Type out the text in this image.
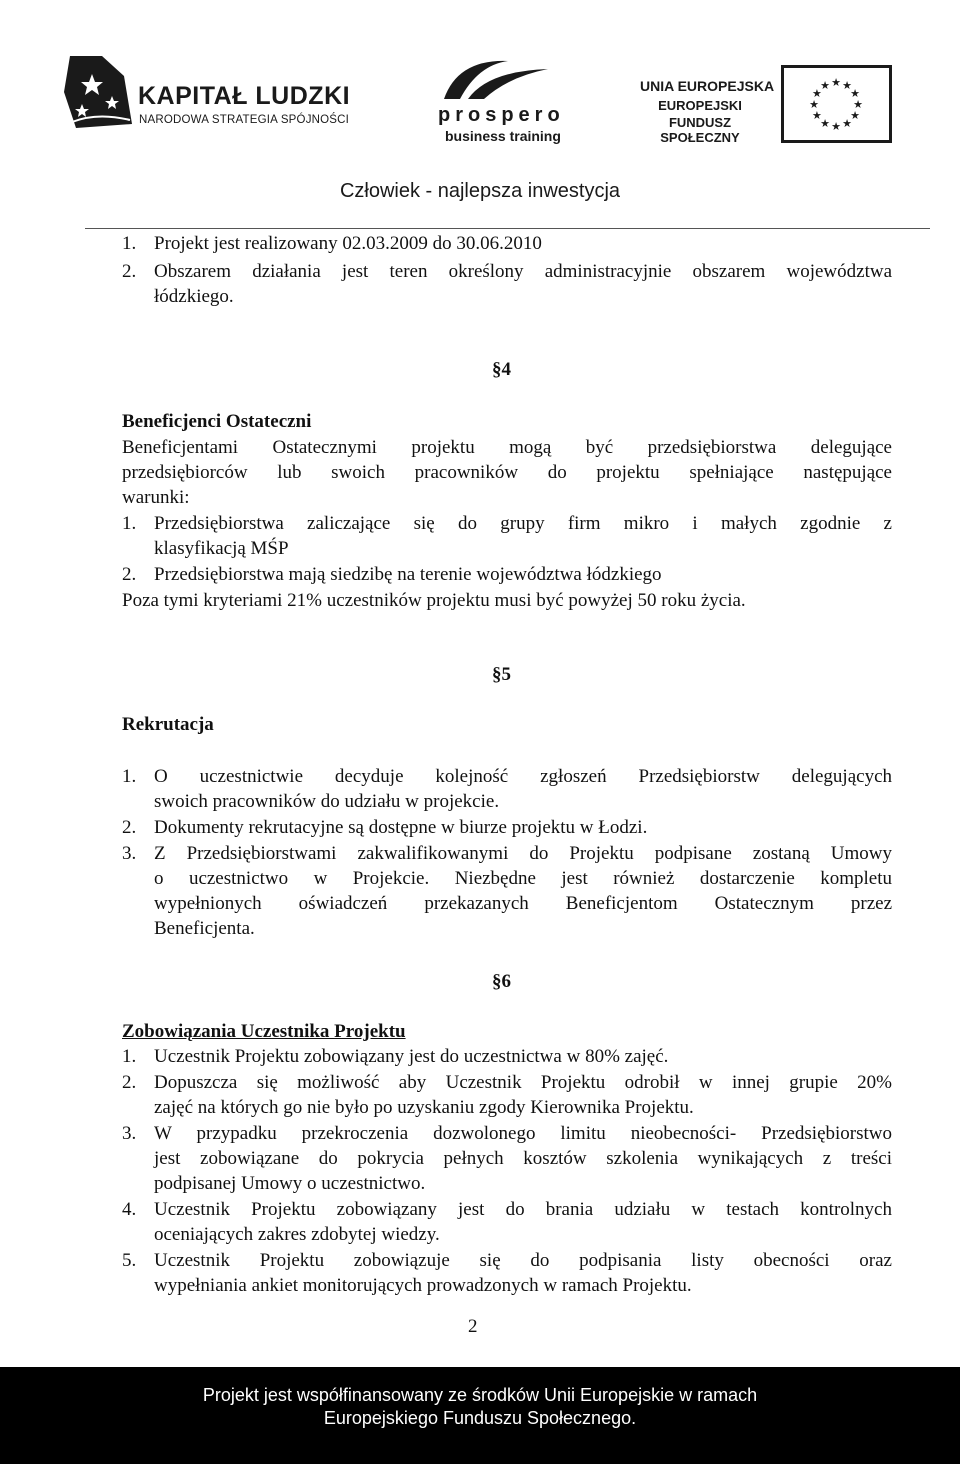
KAPITAŁ LUDZKI
NARODOWA STRATEGIA SPÓJNOŚCI	prospero
business training
UNIA EUROPEJSKA
EUROPEJSKI
FUNDUSZ SPOŁECZNY
★ ★
★
★
★
★
★
★
★
★
★
★
Człowiek - najlepsza inwestycja
1. Projekt jest realizowany 02.03.2009 do 30.06.2010
2. Obszarem działania jest teren określony administracyjnie obszarem województwa
łódzkiego.
§4
Beneficjenci Ostateczni
Beneficjentami Ostatecznymi projektu mogą być przedsiębiorstwa delegujące
przedsiębiorców lub swoich pracowników do projektu spełniające następujące
warunki:
1. Przedsiębiorstwa zaliczające się do grupy firm mikro i małych zgodnie z
klasyfikacją MŚP
2. Przedsiębiorstwa mają siedzibę na terenie województwa łódzkiego
Poza tymi kryteriami 21% uczestników projektu musi być powyżej 50 roku życia.
§5
Rekrutacja
1. O uczestnictwie decyduje kolejność zgłoszeń Przedsiębiorstw delegujących
swoich pracowników do udziału w projekcie.
2. Dokumenty rekrutacyjne są dostępne w biurze projektu w Łodzi.
3. Z Przedsiębiorstwami zakwalifikowanymi do Projektu podpisane zostaną Umowy
o uczestnictwo w Projekcie. Niezbędne jest również dostarczenie kompletu
wypełnionych oświadczeń przekazanych Beneficjentom Ostatecznym przez
Beneficjenta.
§6
Zobowiązania Uczestnika Projektu
1. Uczestnik Projektu zobowiązany jest do uczestnictwa w 80% zajęć.
2. Dopuszcza się możliwość aby Uczestnik Projektu odrobił w innej grupie 20%
zajęć na których go nie było po uzyskaniu zgody Kierownika Projektu.
3. W przypadku przekroczenia dozwolonego limitu nieobecności- Przedsiębiorstwo
jest zobowiązane do pokrycia pełnych kosztów szkolenia wynikających z treści
podpisanej Umowy o uczestnictwo.
4. Uczestnik Projektu zobowiązany jest do brania udziału w testach kontrolnych
oceniających zakres zdobytej wiedzy.
5. Uczestnik Projektu zobowiązuje się do podpisania listy obecności oraz
wypełniania ankiet monitorujących prowadzonych w ramach Projektu.
2
Projekt jest współfinansowany ze środków Unii Europejskie w ramach
Europejskiego Funduszu Społecznego.
